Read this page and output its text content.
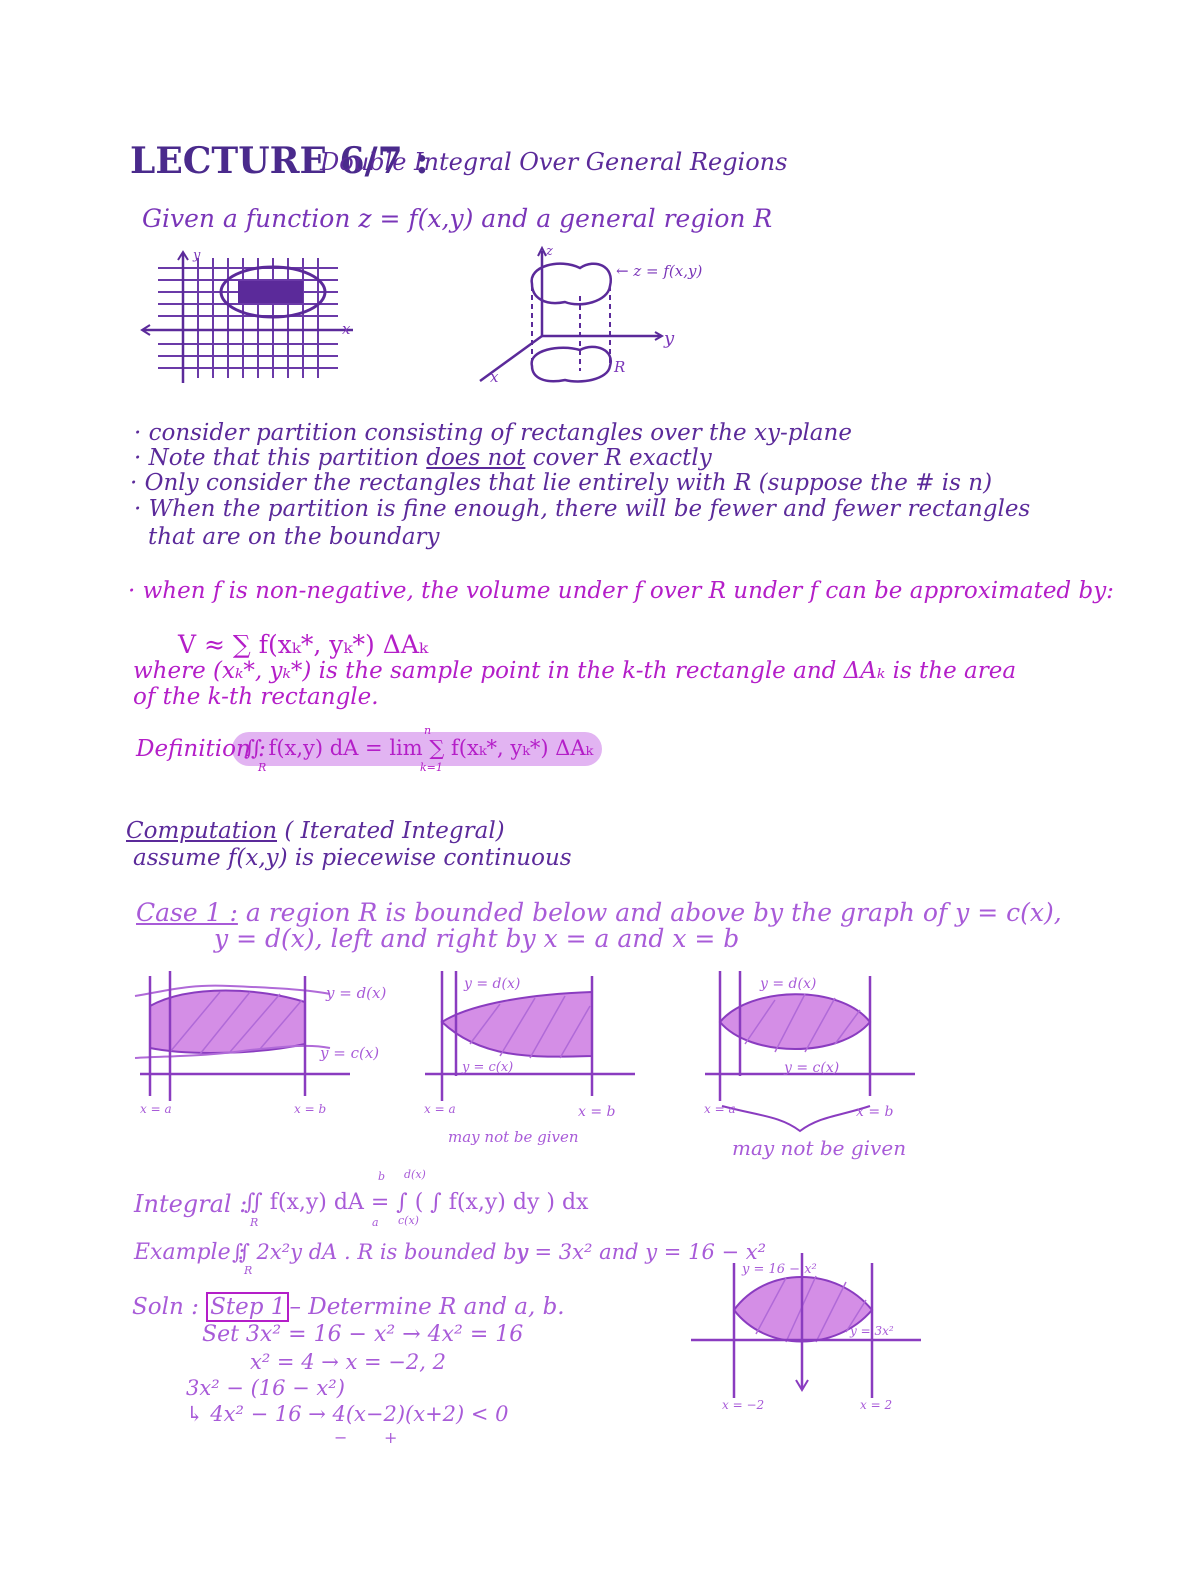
LECTURE 6/7 :
Double Integral Over General Regions
Given a function z = f(x,y) and a general region R
x
y
← z = f(x,y)
z
y
x
R
· consider partition consisting of rectangles over the xy-plane
· Note that this partition does not cover R exactly
· Only consider the rectangles that lie entirely with R (suppose the # is n)
· When the partition is fine enough, there will be fewer and fewer rectangles
that are on the boundary
· when f is non-negative, the volume under f over R under f can be approximated by:
V ≈ ∑ f(xₖ*, yₖ*) ΔAₖ
where (xₖ*, yₖ*) is the sample point in the k-th rectangle and ΔAₖ is the area
of the k-th rectangle.
Definition :
∬ f(x,y) dA = lim ∑ f(xₖ*, yₖ*) ΔAₖ
R
n
k=1
Computation ( Iterated Integral)
assume f(x,y) is piecewise continuous
Case 1 : a region R is bounded below and above by the graph of y = c(x),
y = d(x), left and right by x = a and x = b
y = d(x)
y = c(x)
x = a	x = b
y = d(x)
y = c(x)
x = a	x = b
may not be given
y = d(x)
y = c(x)
x = a	x = b
may not be given
Integral :
∬ f(x,y) dA = ∫ ( ∫ f(x,y) dy ) dx
R	a
b
c(x)
d(x)
Example :
∬ 2x²y dA . R is bounded by
R
y = 3x² and y = 16 − x²
y = 16 − x²
y = 3x²
x = −2	x = 2
Soln : Step 1 – Determine R and a, b.
Set 3x² = 16 − x² → 4x² = 16
x² = 4 → x = −2, 2
3x² − (16 − x²)
↳ 4x² − 16 → 4(x−2)(x+2) < 0
− +
